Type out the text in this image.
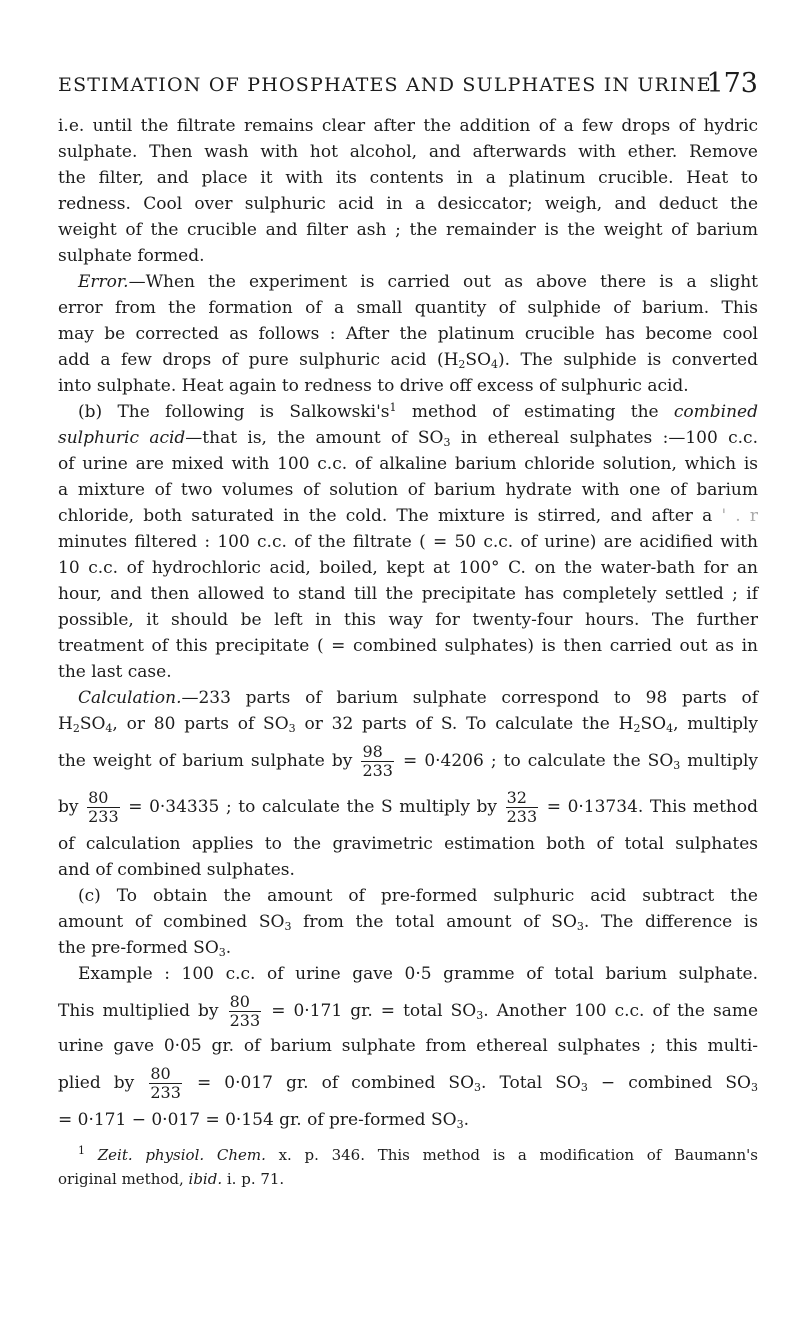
ESTIMATION OF PHOSPHATES AND SULPHATES IN URINE
173
i.e. until the filtrate remains clear after the addition of a few drops of hydric
sulphate. Then wash with hot alcohol, and afterwards with ether. Remove
the filter, and place it with its contents in a platinum crucible. Heat to
redness. Cool over sulphuric acid in a desiccator; weigh, and deduct the
weight of the crucible and filter ash ; the remainder is the weight of barium
sulphate formed.
Error.—When the experiment is carried out as above there is a slight
error from the formation of a small quantity of sulphide of barium. This
may be corrected as follows : After the platinum crucible has become cool
add a few drops of pure sulphuric acid $(H_2SO_4)$. The sulphide is converted
into sulphate. Heat again to redness to drive off excess of sulphuric acid.
(b) The following is $Salkowski's^1$ method of estimating the combined
sulphuric acid—that is, the amount of $SO_3$ in ethereal sulphates :—100 c.c.
of urine are mixed with 100 c.c. of alkaline barium chloride solution, which is
a mixture of two volumes of solution of barium hydrate with one of barium
chloride, both saturated in the cold. The mixture is stirred, and after a ' . r
minutes filtered : 100 c.c. of the filtrate ( = 50 c.c. of urine) are acidified with
10 c.c. of hydrochloric acid, boiled, kept at 100° C. on the water-bath for an
hour, and then allowed to stand till the precipitate has completely settled ; if
possible, it should be left in this way for twenty-four hours. The further
treatment of this precipitate ( = combined sulphates) is then carried out as in
the last case.
Calculation.—233 parts of barium sulphate correspond to 98 parts of
$H_2SO_4$, or 80 parts of $SO_3$ or 32 parts of S. To calculate the $H_2SO_4$, multiply
the weight of barium sulphate by $\frac{98}{233} = 0\cdot 4206$ ; to calculate the $SO_3$ multiply
by $\frac{80}{233} = 0\cdot 34335$ ; to calculate the S multiply by $\frac{32}{233} = 0\cdot 13734$. This method
of calculation applies to the gravimetric estimation both of total sulphates
and of combined sulphates.
(c) To obtain the amount of pre-formed sulphuric acid subtract the
amount of combined $SO_3$ from the total amount of $SO_3$. The difference is
the pre-formed $SO_3$.
Example : 100 c.c. of urine gave 0·5 gramme of total barium sulphate.
This multiplied by $\frac{80}{233} = 0\cdot 171$ gr. = total $SO_3$. Another 100 c.c. of the same
urine gave 0·05 gr. of barium sulphate from ethereal sulphates ; this multi-
plied by $\frac{80}{233} = 0\cdot 017$ gr. of combined $SO_3$. Total $SO_3$ − combined $SO_3$
= 0·171 − 0·017 = 0·154 gr. of pre-formed $SO_3$.
$^1$ Zeit. physiol. Chem. x. p. 346. This method is a modification of Baumann's
original method, ibid. i. p. 71.
